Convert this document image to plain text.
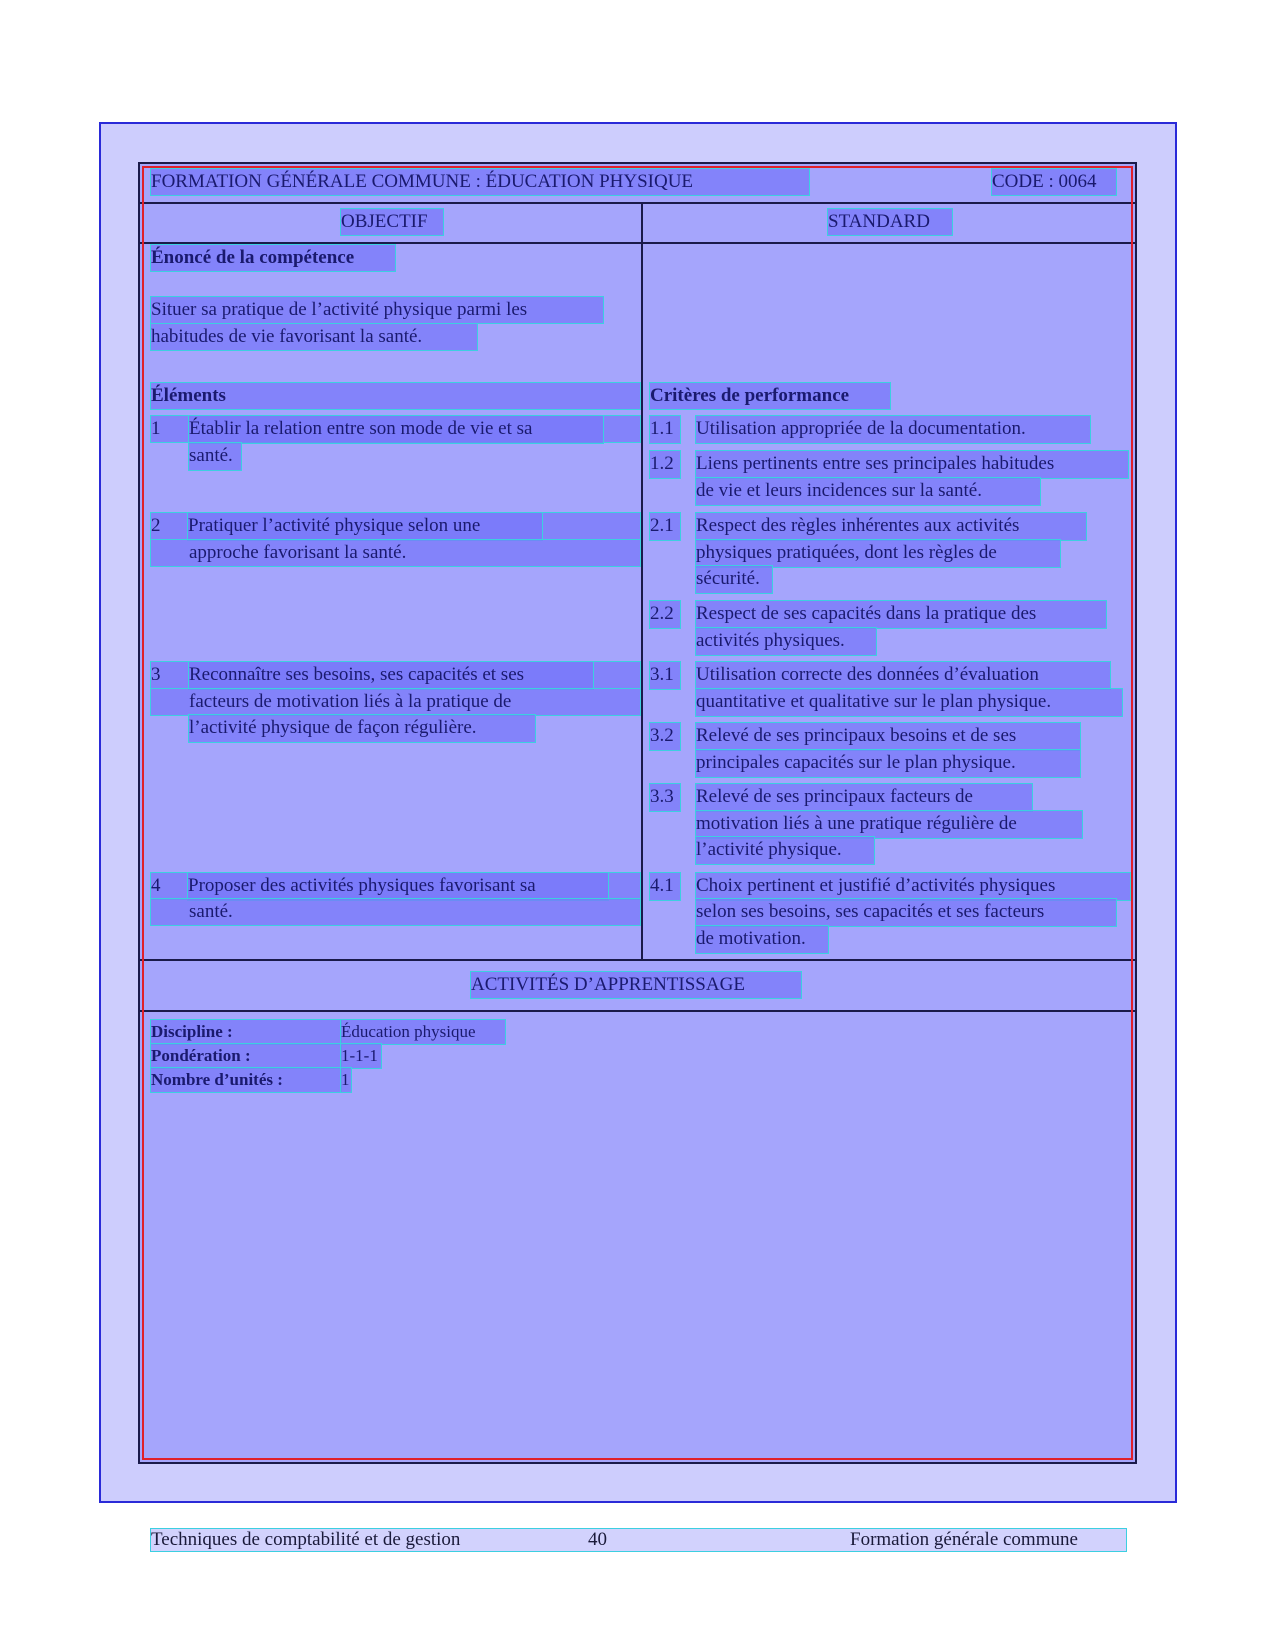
FORMATION GÉNÉRALE COMMUNE : ÉDUCATION PHYSIQUE	CODE : 0064
OBJECTIF	STANDARD
Énoncé de la compétence
Situer sa pratique de l’activité physique parmi les
habitudes de vie favorisant la santé.
Éléments	Critères de performance
1	Établir la relation entre son mode de vie et sa
santé.
2	Pratiquer l’activité physique selon une
approche favorisant la santé.
3	Reconnaître ses besoins, ses capacités et ses
facteurs de motivation liés à la pratique de
l’activité physique de façon régulière.
4	Proposer des activités physiques favorisant sa
santé.
1.1	Utilisation appropriée de la documentation.
1.2	Liens pertinents entre ses principales habitudes
de vie et leurs incidences sur la santé.
2.1	Respect des règles inhérentes aux activités
physiques pratiquées, dont les règles de
sécurité.
2.2	Respect de ses capacités dans la pratique des
activités physiques.
3.1	Utilisation correcte des données d’évaluation
quantitative et qualitative sur le plan physique.
3.2	Relevé de ses principaux besoins et de ses
principales capacités sur le plan physique.
3.3	Relevé de ses principaux facteurs de
motivation liés à une pratique régulière de
l’activité physique.
4.1	Choix pertinent et justifié d’activités physiques
selon ses besoins, ses capacités et ses facteurs
de motivation.
ACTIVITÉS D’APPRENTISSAGE
Discipline :	Éducation physique
Pondération :	1-1-1
Nombre d’unités :	1
Techniques de comptabilité et de gestion	40	Formation générale commune
